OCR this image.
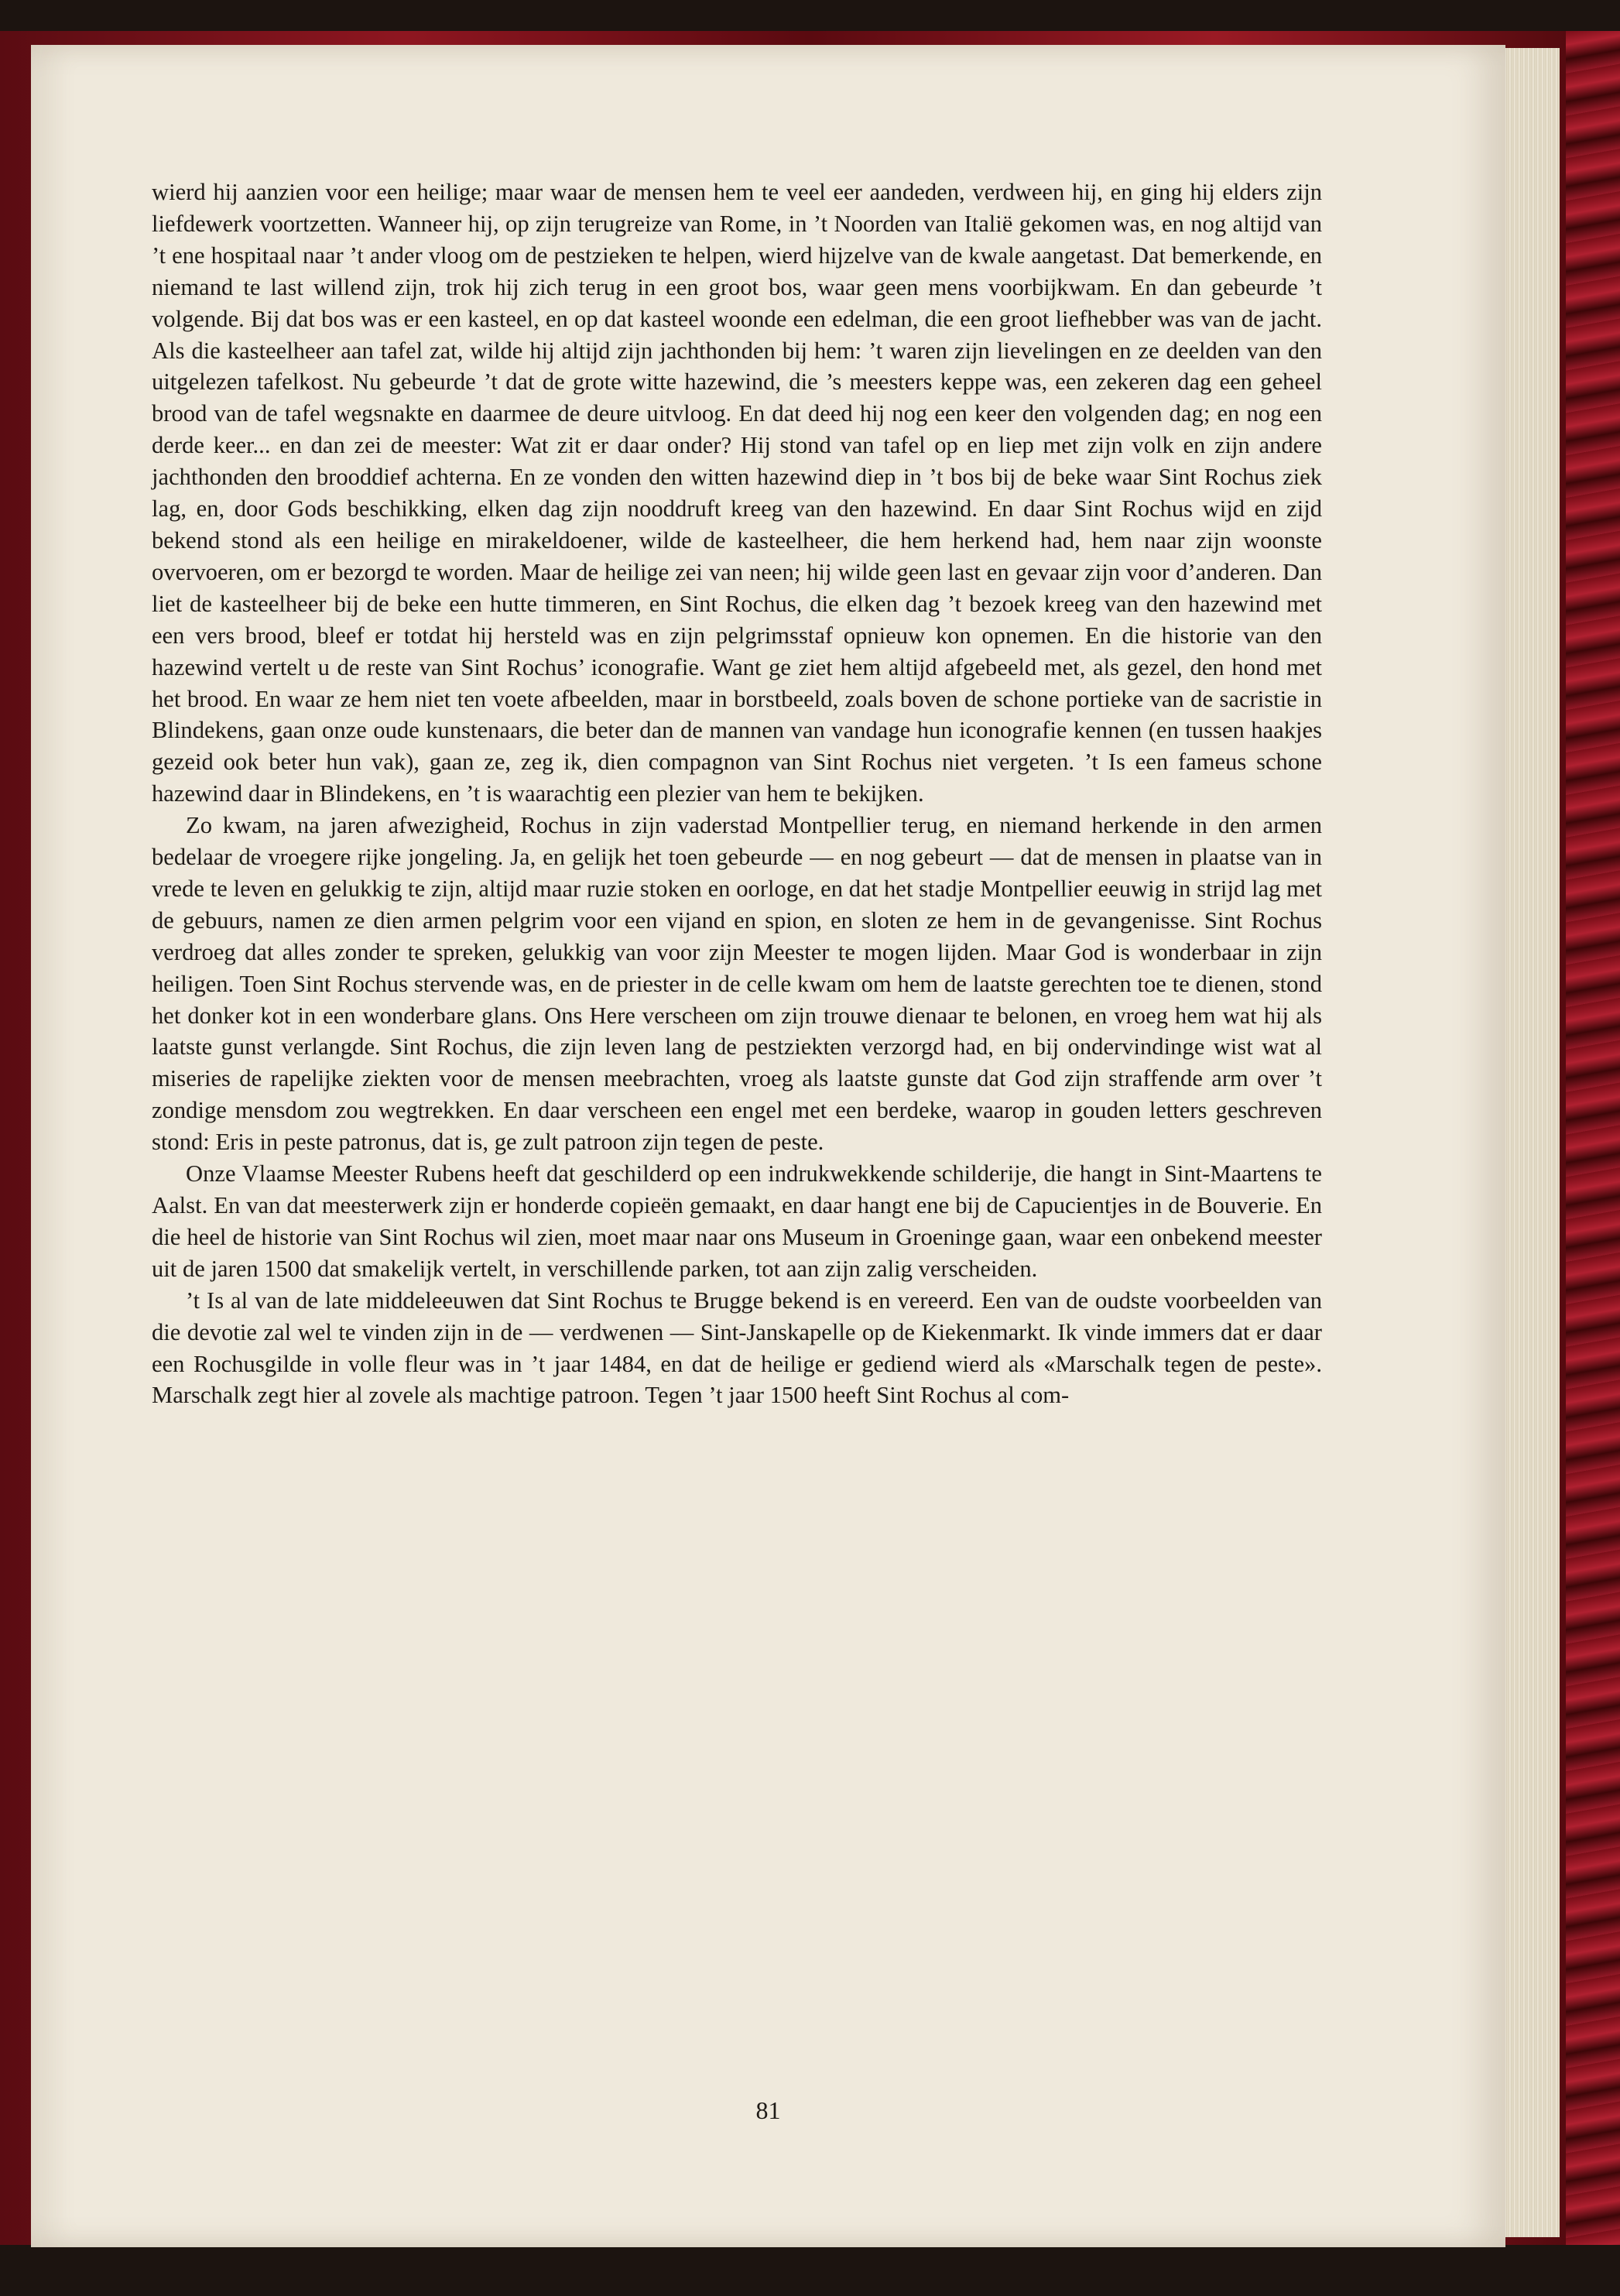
wierd hij aanzien voor een heilige; maar waar de mensen hem te veel eer aandeden, verdween hij, en ging hij elders zijn liefdewerk voortzetten. Wanneer hij, op zijn terugreize van Rome, in ’t Noorden van Italië gekomen was, en nog altijd van ’t ene hospitaal naar ’t ander vloog om de pestzieken te helpen, wierd hijzelve van de kwale aangetast. Dat bemerkende, en niemand te last willend zijn, trok hij zich terug in een groot bos, waar geen mens voorbijkwam. En dan gebeurde ’t volgende. Bij dat bos was er een kasteel, en op dat kasteel woonde een edelman, die een groot liefhebber was van de jacht. Als die kasteelheer aan tafel zat, wilde hij altijd zijn jachthonden bij hem: ’t waren zijn lievelingen en ze deelden van den uitgelezen tafelkost. Nu gebeurde ’t dat de grote witte hazewind, die ’s meesters keppe was, een zekeren dag een geheel brood van de tafel wegsnakte en daarmee de deure uitvloog. En dat deed hij nog een keer den volgenden dag; en nog een derde keer... en dan zei de meester: Wat zit er daar onder? Hij stond van tafel op en liep met zijn volk en zijn andere jachthonden den brooddief achterna. En ze vonden den witten hazewind diep in ’t bos bij de beke waar Sint Rochus ziek lag, en, door Gods beschikking, elken dag zijn nooddruft kreeg van den hazewind. En daar Sint Rochus wijd en zijd bekend stond als een heilige en mirakeldoener, wilde de kasteelheer, die hem herkend had, hem naar zijn woonste overvoeren, om er bezorgd te worden. Maar de heilige zei van neen; hij wilde geen last en gevaar zijn voor d’anderen. Dan liet de kasteelheer bij de beke een hutte timmeren, en Sint Rochus, die elken dag ’t bezoek kreeg van den hazewind met een vers brood, bleef er totdat hij hersteld was en zijn pelgrimsstaf opnieuw kon opnemen. En die historie van den hazewind vertelt u de reste van Sint Rochus’ iconografie. Want ge ziet hem altijd afgebeeld met, als gezel, den hond met het brood. En waar ze hem niet ten voete afbeelden, maar in borstbeeld, zoals boven de schone portieke van de sacristie in Blindekens, gaan onze oude kunstenaars, die beter dan de mannen van vandage hun iconografie kennen (en tussen haakjes gezeid ook beter hun vak), gaan ze, zeg ik, dien compagnon van Sint Rochus niet vergeten. ’t Is een fameus schone hazewind daar in Blindekens, en ’t is waarachtig een plezier van hem te bekijken.

Zo kwam, na jaren afwezigheid, Rochus in zijn vaderstad Montpellier terug, en niemand herkende in den armen bedelaar de vroegere rijke jongeling. Ja, en gelijk het toen gebeurde — en nog gebeurt — dat de mensen in plaatse van in vrede te leven en gelukkig te zijn, altijd maar ruzie stoken en oorloge, en dat het stadje Montpellier eeuwig in strijd lag met de gebuurs, namen ze dien armen pelgrim voor een vijand en spion, en sloten ze hem in de gevangenisse. Sint Rochus verdroeg dat alles zonder te spreken, gelukkig van voor zijn Meester te mogen lijden. Maar God is wonderbaar in zijn heiligen. Toen Sint Rochus stervende was, en de priester in de celle kwam om hem de laatste gerechten toe te dienen, stond het donker kot in een wonderbare glans. Ons Here verscheen om zijn trouwe dienaar te belonen, en vroeg hem wat hij als laatste gunst verlangde. Sint Rochus, die zijn leven lang de pestziekten verzorgd had, en bij ondervindinge wist wat al miseries de rapelijke ziekten voor de mensen meebrachten, vroeg als laatste gunste dat God zijn straffende arm over ’t zondige mensdom zou wegtrekken. En daar verscheen een engel met een berdeke, waarop in gouden letters geschreven stond: Eris in peste patronus, dat is, ge zult patroon zijn tegen de peste.

Onze Vlaamse Meester Rubens heeft dat geschilderd op een indrukwekkende schilderije, die hangt in Sint-Maartens te Aalst. En van dat meesterwerk zijn er honderde copieën gemaakt, en daar hangt ene bij de Capucientjes in de Bouverie. En die heel de historie van Sint Rochus wil zien, moet maar naar ons Museum in Groeninge gaan, waar een onbekend meester uit de jaren 1500 dat smakelijk vertelt, in verschillende parken, tot aan zijn zalig verscheiden.

’t Is al van de late middeleeuwen dat Sint Rochus te Brugge bekend is en vereerd. Een van de oudste voorbeelden van die devotie zal wel te vinden zijn in de — verdwenen — Sint-Janskapelle op de Kiekenmarkt. Ik vinde immers dat er daar een Rochusgilde in volle fleur was in ’t jaar 1484, en dat de heilige er gediend wierd als «Marschalk tegen de peste». Marschalk zegt hier al zovele als machtige patroon. Tegen ’t jaar 1500 heeft Sint Rochus al com-

81
